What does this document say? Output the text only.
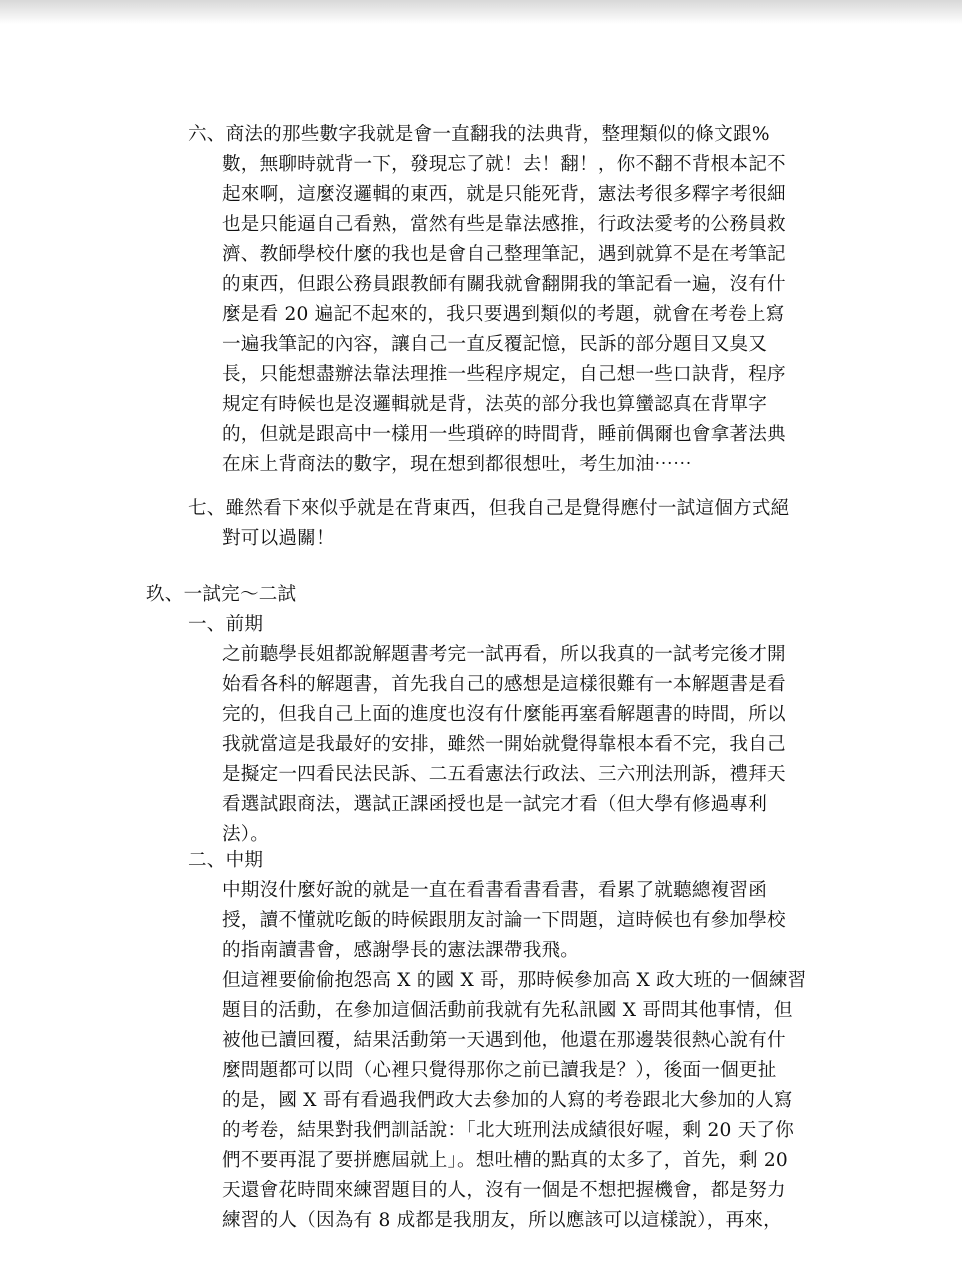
六、商法的那些數字我就是會一直翻我的法典背，整理類似的條文跟%
數，無聊時就背一下，發現忘了就！去！翻！，你不翻不背根本記不
起來啊，這麼沒邏輯的東西，就是只能死背，憲法考很多釋字考很細
也是只能逼自己看熟，當然有些是靠法感推，行政法愛考的公務員救
濟、教師學校什麼的我也是會自己整理筆記，遇到就算不是在考筆記
的東西，但跟公務員跟教師有關我就會翻開我的筆記看一遍，沒有什
麼是看 20 遍記不起來的，我只要遇到類似的考題，就會在考卷上寫
一遍我筆記的內容，讓自己一直反覆記憶，民訴的部分題目又臭又
長，只能想盡辦法靠法理推一些程序規定，自己想一些口訣背，程序
規定有時候也是沒邏輯就是背，法英的部分我也算蠻認真在背單字
的，但就是跟高中一樣用一些瑣碎的時間背，睡前偶爾也會拿著法典
在床上背商法的數字，現在想到都很想吐，考生加油⋯⋯
七、雖然看下來似乎就是在背東西，但我自己是覺得應付一試這個方式絕
對可以過關！
玖、一試完～二試
一、前期
之前聽學長姐都說解題書考完一試再看，所以我真的一試考完後才開
始看各科的解題書，首先我自己的感想是這樣很難有一本解題書是看
完的，但我自己上面的進度也沒有什麼能再塞看解題書的時間，所以
我就當這是我最好的安排，雖然一開始就覺得靠根本看不完，我自己
是擬定一四看民法民訴、二五看憲法行政法、三六刑法刑訴，禮拜天
看選試跟商法，選試正課函授也是一試完才看（但大學有修過專利
法）。
二、中期
中期沒什麼好說的就是一直在看書看書看書，看累了就聽總複習函
授，讀不懂就吃飯的時候跟朋友討論一下問題，這時候也有參加學校
的指南讀書會，感謝學長的憲法課帶我飛。
但這裡要偷偷抱怨高 X 的國 X 哥，那時候參加高 X 政大班的一個練習
題目的活動，在參加這個活動前我就有先私訊國 X 哥問其他事情，但
被他已讀回覆，結果活動第一天遇到他，他還在那邊裝很熱心說有什
麼問題都可以問（心裡只覺得那你之前已讀我是？），後面一個更扯
的是，國 X 哥有看過我們政大去參加的人寫的考卷跟北大參加的人寫
的考卷，結果對我們訓話說：「北大班刑法成績很好喔，剩 20 天了你
們不要再混了要拼應屆就上」。想吐槽的點真的太多了，首先，剩 20
天還會花時間來練習題目的人，沒有一個是不想把握機會，都是努力
練習的人（因為有 8 成都是我朋友，所以應該可以這樣說），再來，
